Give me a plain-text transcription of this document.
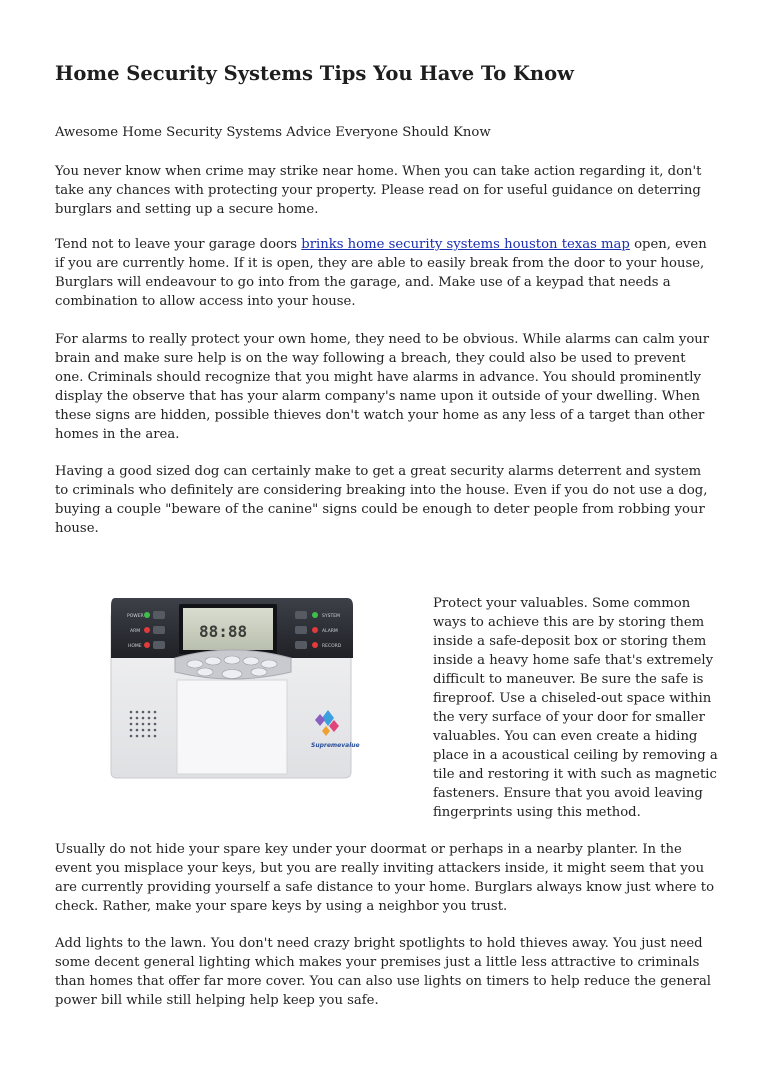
Home Security Systems Tips You Have To Know

Awesome Home Security Systems Advice Everyone Should Know

You never know when crime may strike near home. When you can take action regarding it, don't take any chances with protecting your property. Please read on for useful guidance on deterring burglars and setting up a secure home.

Tend not to leave your garage doors brinks home security systems houston texas map open, even if you are currently home. If it is open, they are able to easily break from the door to your house, Burglars will endeavour to go into from the garage, and. Make use of a keypad that needs a combination to allow access into your house.

For alarms to really protect your own home, they need to be obvious. While alarms can calm your brain and make sure help is on the way following a breach, they could also be used to prevent one. Criminals should recognize that you might have alarms in advance. You should prominently display the observe that has your alarm company's name upon it outside of your dwelling. When these signs are hidden, possible thieves don't watch your home as any less of a target than other homes in the area.

Having a good sized dog can certainly make to get a great security alarms deterrent and system to criminals who definitely are considering breaking into the house. Even if you do not use a dog, buying a couple "beware of the canine" signs could be enough to deter people from robbing your house.

Protect your valuables. Some common ways to achieve this are by storing them inside a safe-deposit box or storing them inside a heavy home safe that's extremely difficult to maneuver. Be sure the safe is fireproof. Use a chiseled-out space within the very surface of your door for smaller valuables. You can even create a hiding place in a acoustical ceiling by removing a tile and restoring it with such as magnetic fasteners. Ensure that you avoid leaving fingerprints using this method.

Usually do not hide your spare key under your doormat or perhaps in a nearby planter. In the event you misplace your keys, but you are really inviting attackers inside, it might seem that you are currently providing yourself a safe distance to your home. Burglars always know just where to check. Rather, make your spare keys by using a neighbor you trust.

Add lights to the lawn. You don't need crazy bright spotlights to hold thieves away. You just need some decent general lighting which makes your premises just a little less attractive to criminals than homes that offer far more cover. You can also use lights on timers to help reduce the general power bill while still helping help keep you safe.

POWER
ARM
HOME
88:88
SYSTEM
ALARM
RECORD
Supremevalue
